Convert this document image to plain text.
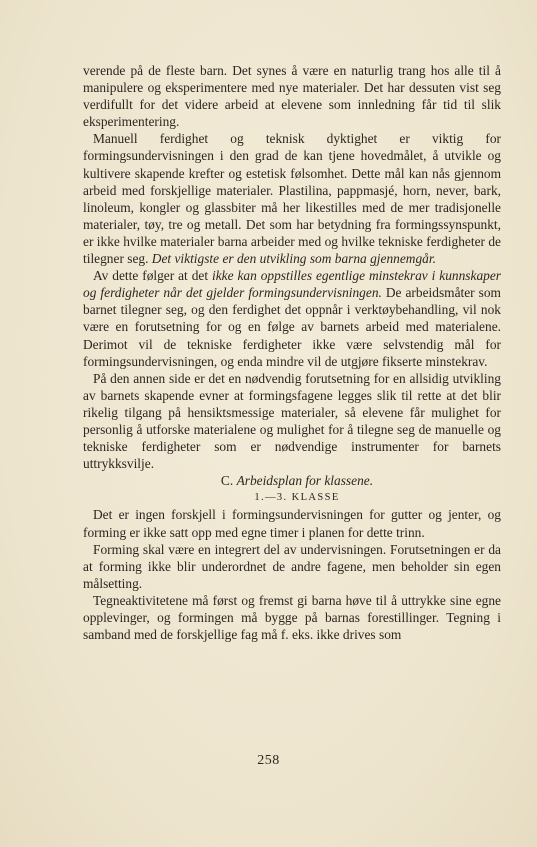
verende på de fleste barn. Det synes å være en naturlig trang hos alle til å manipulere og eksperimentere med nye materialer. Det har dessuten vist seg verdifullt for det videre arbeid at elevene som innledning får tid til slik eksperimentering.

Manuell ferdighet og teknisk dyktighet er viktig for formingsundervisningen i den grad de kan tjene hovedmålet, å utvikle og kultivere skapende krefter og estetisk følsomhet. Dette mål kan nås gjennom arbeid med forskjellige materialer. Plastilina, pappmasjé, horn, never, bark, linoleum, kongler og glassbiter må her likestilles med de mer tradisjonelle materialer, tøy, tre og metall. Det som har betydning fra formingssynspunkt, er ikke hvilke materialer barna arbeider med og hvilke tekniske ferdigheter de tilegner seg. Det viktigste er den utvikling som barna gjennemgår.

Av dette følger at det ikke kan oppstilles egentlige minstekrav i kunnskaper og ferdigheter når det gjelder formingsundervisningen. De arbeidsmåter som barnet tilegner seg, og den ferdighet det oppnår i verktøybehandling, vil nok være en forutsetning for og en følge av barnets arbeid med materialene. Derimot vil de tekniske ferdigheter ikke være selvstendig mål for formingsundervisningen, og enda mindre vil de utgjøre fikserte minstekrav.

På den annen side er det en nødvendig forutsetning for en allsidig utvikling av barnets skapende evner at formingsfagene legges slik til rette at det blir rikelig tilgang på hensiktsmessige materialer, så elevene får mulighet for personlig å utforske materialene og mulighet for å tilegne seg de manuelle og tekniske ferdigheter som er nødvendige instrumenter for barnets uttrykksvilje.

C. Arbeidsplan for klassene.

1.—3. KLASSE

Det er ingen forskjell i formingsundervisningen for gutter og jenter, og forming er ikke satt opp med egne timer i planen for dette trinn.

Forming skal være en integrert del av undervisningen. Forutsetningen er da at forming ikke blir underordnet de andre fagene, men beholder sin egen målsetting.

Tegneaktivitetene må først og fremst gi barna høve til å uttrykke sine egne opplevinger, og formingen må bygge på barnas forestillinger. Tegning i samband med de forskjellige fag må f. eks. ikke drives som

258
